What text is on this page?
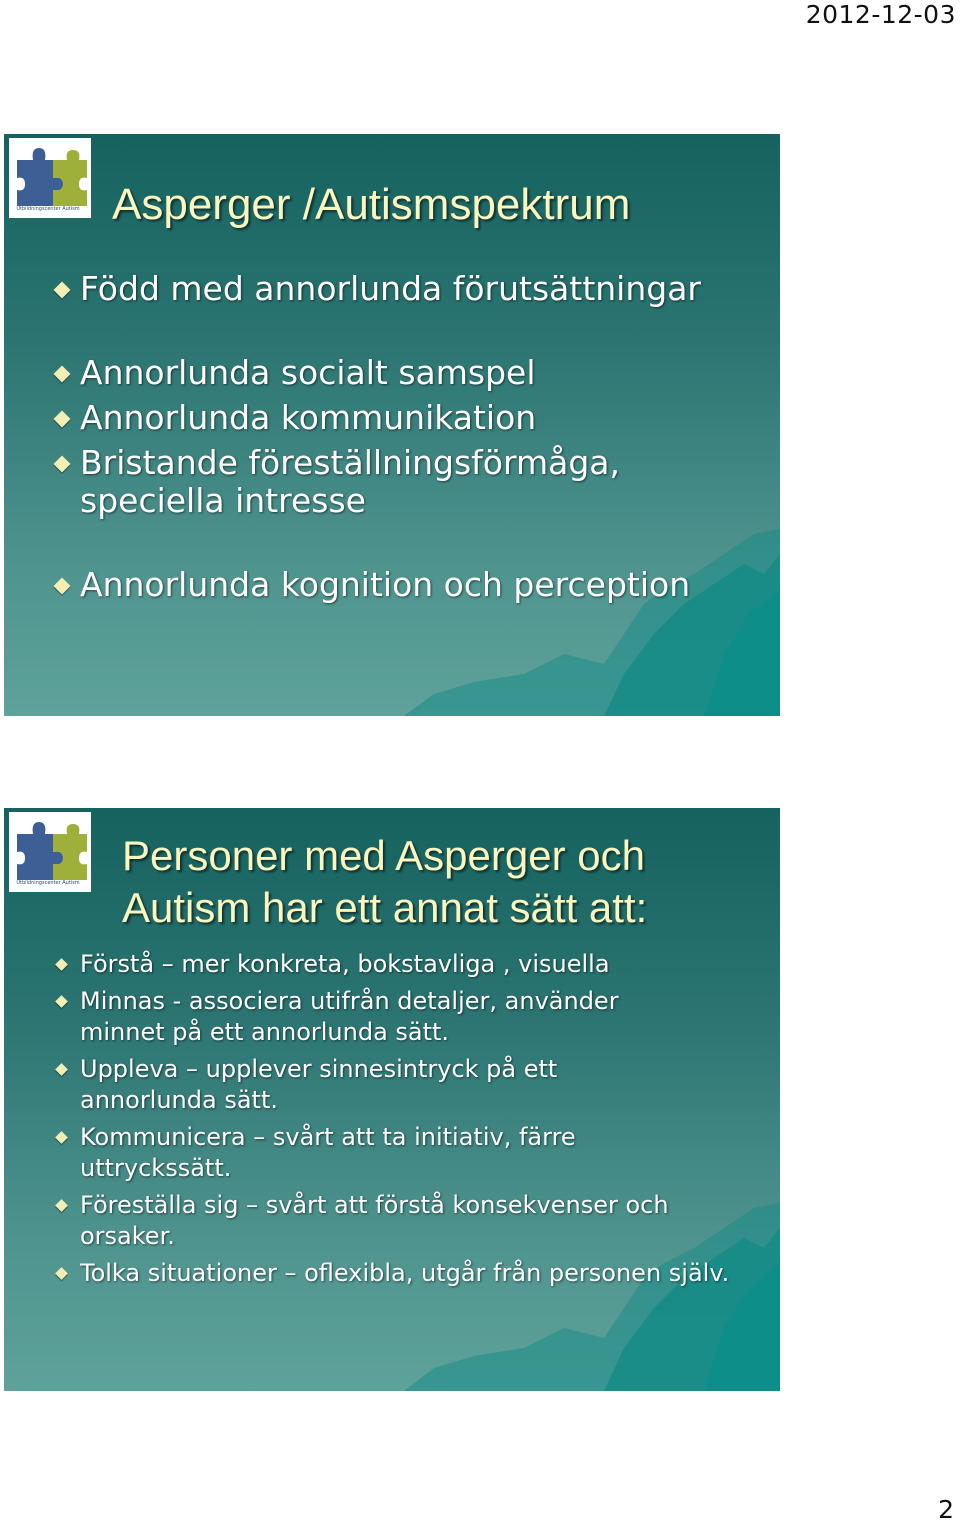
2012-12-03
Utbildningscenter Autism Asperger /Autismspektrum
Född med annorlunda förutsättningar
Annorlunda socialt samspel
Annorlunda kommunikation
Bristande föreställningsförmåga, speciella intresse
Annorlunda kognition och perception
Utbildningscenter Autism
Personer med Asperger och
Autism har ett annat sätt att:
Förstå – mer konkreta, bokstavliga , visuella
Minnas - associera utifrån detaljer, använder minnet på ett annorlunda sätt.
Uppleva – upplever sinnesintryck på ett annorlunda sätt.
Kommunicera – svårt att ta initiativ, färre uttryckssätt.
Föreställa sig – svårt att förstå konsekvenser och orsaker.
Tolka situationer – oflexibla, utgår från personen själv.
2
